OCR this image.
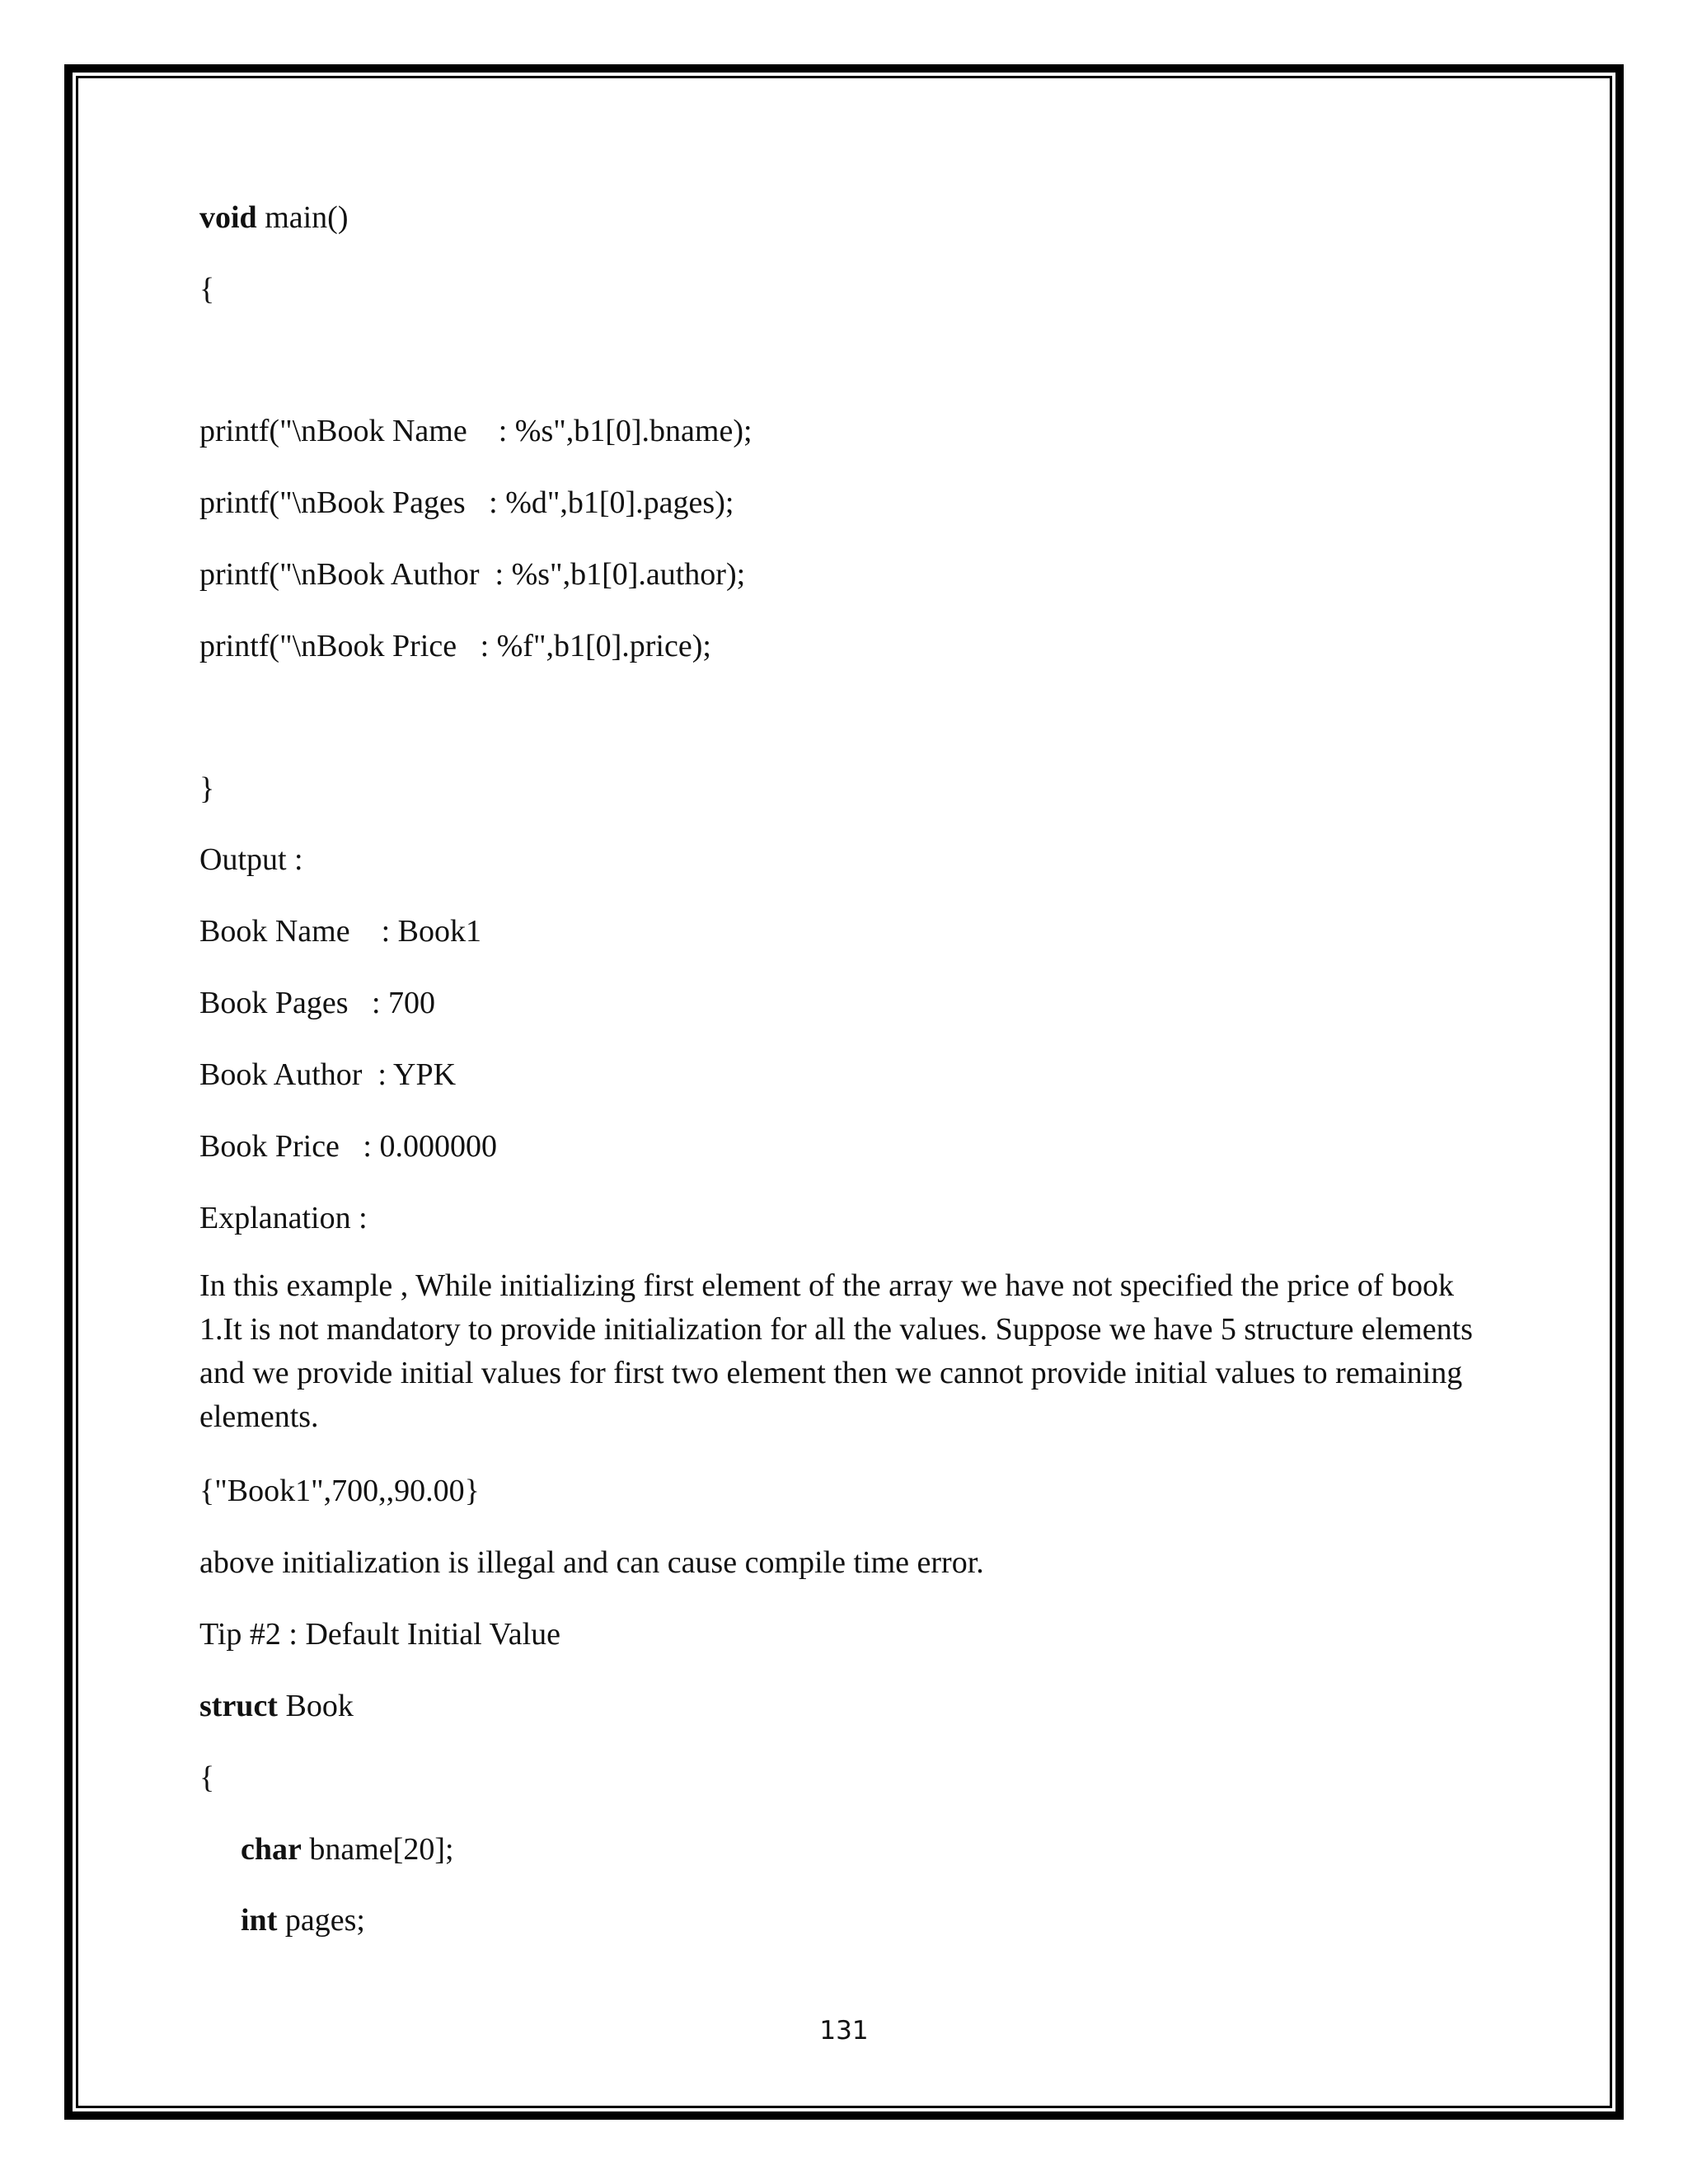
void main()
{
printf("\nBook Name    : %s",b1[0].bname);
printf("\nBook Pages   : %d",b1[0].pages);
printf("\nBook Author  : %s",b1[0].author);
printf("\nBook Price   : %f",b1[0].price);
}
Output :
Book Name    : Book1
Book Pages   : 700
Book Author  : YPK
Book Price   : 0.000000
Explanation :
In this example , While initializing first element of the array we have not specified the price of book 1.It is not mandatory to provide initialization for all the values. Suppose we have 5 structure elements and we provide initial values for first two element then we cannot provide initial values to remaining elements.
{"Book1",700,,90.00}
above initialization is illegal and can cause compile time error.
Tip #2 : Default Initial Value
struct Book
{
char bname[20];
int pages;
131
